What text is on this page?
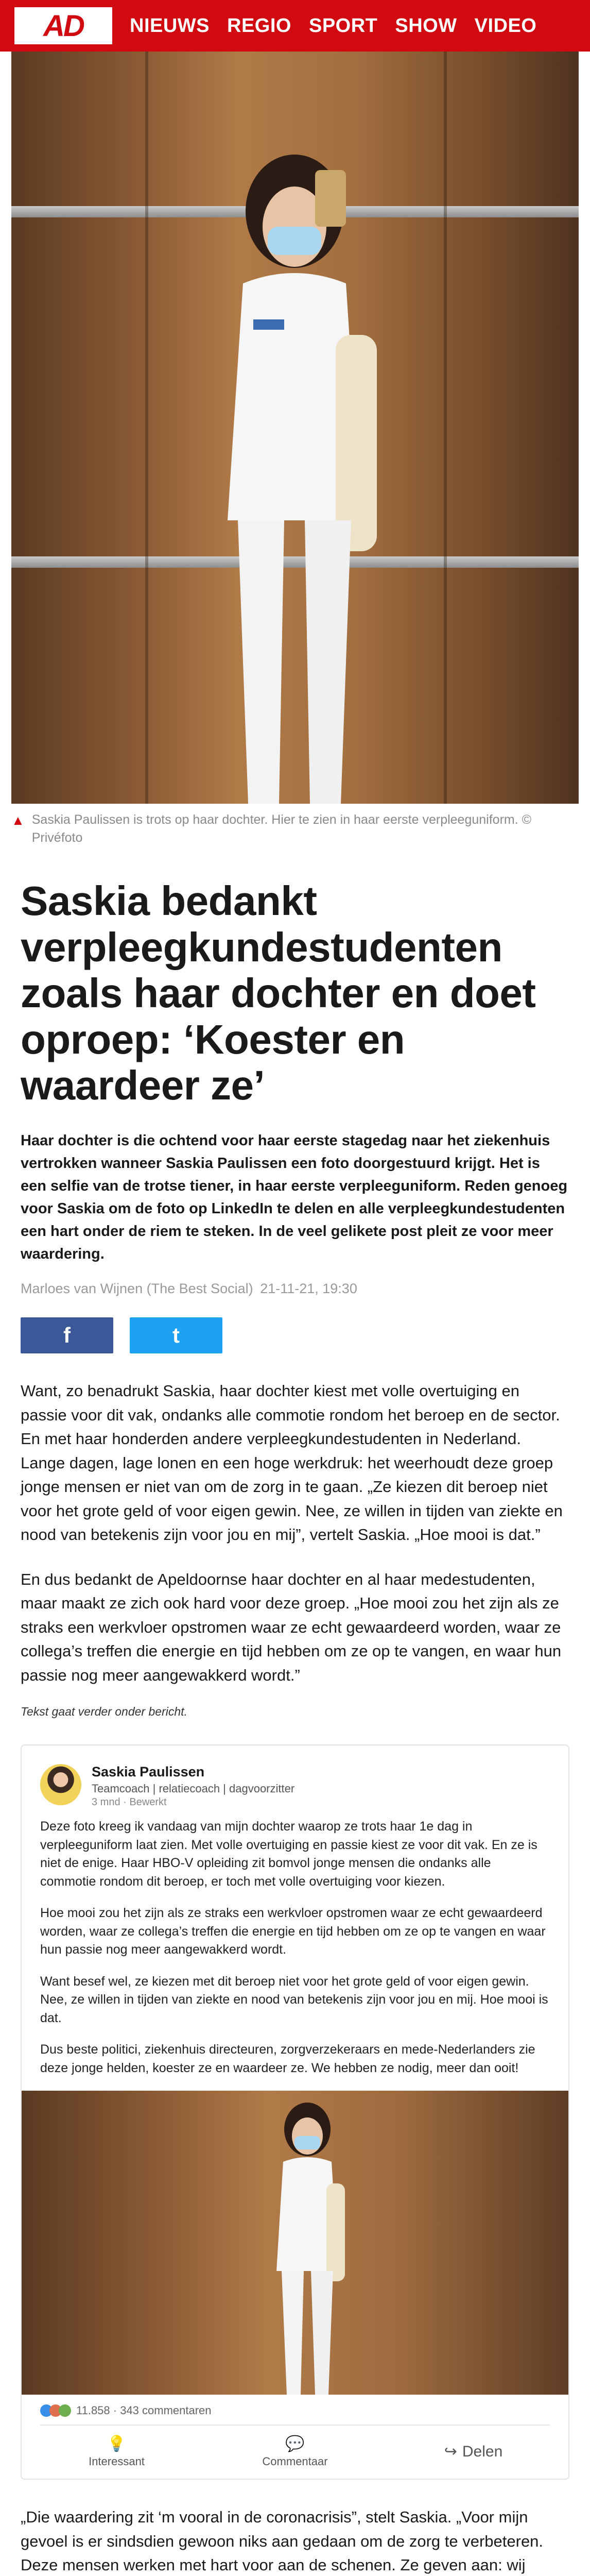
AD	NIEUWS REGIO SPORT SHOW VIDEO
▲ Saskia Paulissen is trots op haar dochter. Hier te zien in haar eerste verpleeguniform. © Privéfoto
Saskia bedankt verpleegkundestudenten zoals haar dochter en doet oproep: ‘Koester en waardeer ze’

Haar dochter is die ochtend voor haar eerste stagedag naar het ziekenhuis vertrokken wanneer Saskia Paulissen een foto doorgestuurd krijgt. Het is een selfie van de trotse tiener, in haar eerste verpleeguniform. Reden genoeg voor Saskia om de foto op LinkedIn te delen en alle verpleegkundestudenten een hart onder de riem te steken. In de veel gelikete post pleit ze voor meer waardering.

Marloes van Wijnen (The Best Social) 21-11-21, 19:30
f	t

Want, zo benadrukt Saskia, haar dochter kiest met volle overtuiging en passie voor dit vak, ondanks alle commotie rondom het beroep en de sector. En met haar honderden andere verpleegkundestudenten in Nederland. Lange dagen, lage lonen en een hoge werkdruk: het weerhoudt deze groep jonge mensen er niet van om de zorg in te gaan. „Ze kiezen dit beroep niet voor het grote geld of voor eigen gewin. Nee, ze willen in tijden van ziekte en nood van betekenis zijn voor jou en mij”, vertelt Saskia. „Hoe mooi is dat.”

En dus bedankt de Apeldoornse haar dochter en al haar medestudenten, maar maakt ze zich ook hard voor deze groep. „Hoe mooi zou het zijn als ze straks een werkvloer opstromen waar ze echt gewaardeerd worden, waar ze collega’s treffen die energie en tijd hebben om ze op te vangen, en waar hun passie nog meer aangewakkerd wordt.”

Tekst gaat verder onder bericht.

Saskia Paulissen
Teamcoach | relatiecoach | dagvoorzitter
3 mnd · Bewerkt

Deze foto kreeg ik vandaag van mijn dochter waarop ze trots haar 1e dag in verpleeguniform laat zien. Met volle overtuiging en passie kiest ze voor dit vak. En ze is niet de enige. Haar HBO-V opleiding zit bomvol jonge mensen die ondanks alle commotie rondom dit beroep, er toch met volle overtuiging voor kiezen.

Hoe mooi zou het zijn als ze straks een werkvloer opstromen waar ze echt gewaardeerd worden, waar ze collega’s treffen die energie en tijd hebben om ze op te vangen en waar hun passie nog meer aangewakkerd wordt.

Want besef wel, ze kiezen met dit beroep niet voor het grote geld of voor eigen gewin. Nee, ze willen in tijden van ziekte en nood van betekenis zijn voor jou en mij. Hoe mooi is dat.

Dus beste politici, ziekenhuis directeuren, zorgverzekeraars en mede-Nederlanders zie deze jonge helden, koester ze en waardeer ze. We hebben ze nodig, meer dan ooit!

11.858 · 343 commentaren
💡
Interessant
💬
Commentaar
↪ Delen

„Die waardering zit ‘m vooral in de coronacrisis”, stelt Saskia. „Voor mijn gevoel is er sindsdien gewoon niks aan gedaan om de zorg te verbeteren. Deze mensen werken met hart voor aan de schenen. Ze geven aan: wij
